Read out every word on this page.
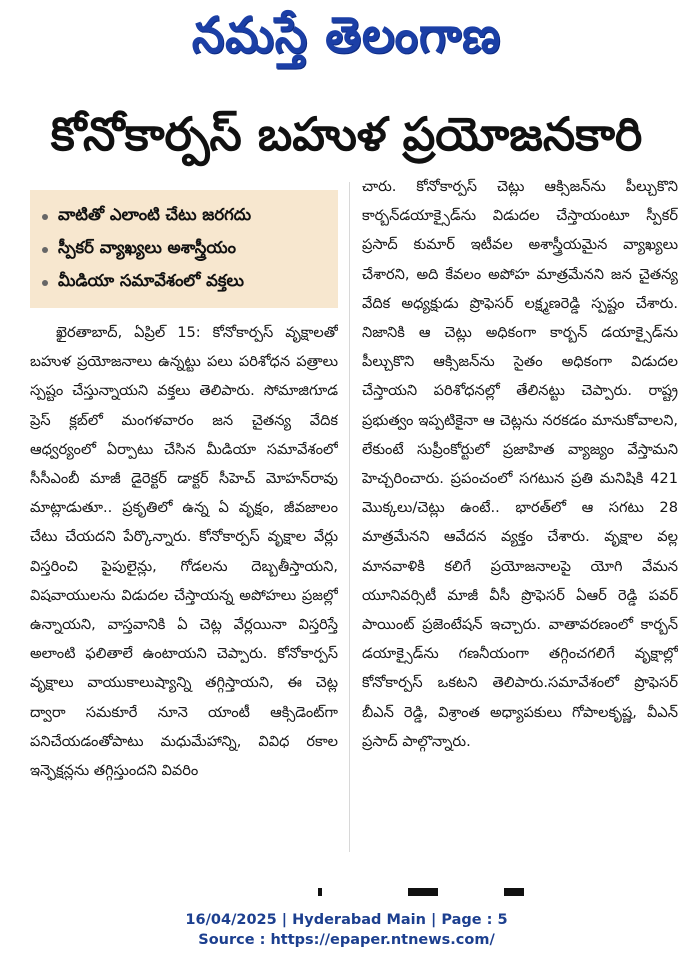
నమస్తే తెలంగాణ
కోనోకార్పస్ బహుళ ప్రయోజనకారి
వాటితో ఎలాంటి చేటు జరగదు
స్పీకర్ వ్యాఖ్యలు అశాస్త్రీయం
మీడియా సమావేశంలో వక్తలు

ఖైరతాబాద్, ఏప్రిల్ 15: కోనోకార్పస్ వృక్షాలతో బహుళ ప్రయోజనాలు ఉన్నట్టు పలు పరిశోధన పత్రాలు స్పష్టం చేస్తున్నాయని వక్తలు తెలిపారు. సోమాజిగూడ ప్రెస్ క్లబ్‌లో మంగళవారం జన చైతన్య వేదిక ఆధ్వర్యంలో ఏర్పాటు చేసిన మీడియా సమావేశంలో సీసీఎంబీ మాజీ డైరెక్టర్ డాక్టర్ సీహెచ్ మోహన్‌రావు మాట్లాడుతూ.. ప్రకృతిలో ఉన్న ఏ వృక్షం, జీవజాలం చేటు చేయదని పేర్కొన్నారు. కోనోకార్పస్ వృక్షాల వేర్లు విస్తరించి పైపులైన్లు, గోడలను దెబ్బతీస్తాయని, విషవాయులను విడుదల చేస్తాయన్న అపోహలు ప్రజల్లో ఉన్నాయని, వాస్తవానికి ఏ చెట్ల వేర్లయినా విస్తరిస్తే అలాంటి ఫలితాలే ఉంటాయని చెప్పారు. కోనోకార్పస్ వృక్షాలు వాయుకాలుష్యాన్ని తగ్గిస్తాయని, ఈ చెట్ల ద్వారా సమకూరే నూనె యాంటీ ఆక్సిడెంట్‌గా పనిచేయడంతోపాటు మధుమేహాన్ని, వివిధ రకాల ఇన్ఫెక్షన్లను తగ్గిస్తుందని వివరిం

చారు. కోనోకార్పస్ చెట్లు ఆక్సిజన్‌ను పీల్చుకొని కార్బన్‌డయాక్సైడ్‌ను విడుదల చేస్తాయంటూ స్పీకర్ ప్రసాద్ కుమార్ ఇటీవల అశాస్త్రీయమైన వ్యాఖ్యలు చేశారని, అది కేవలం అపోహ మాత్రమేనని జన చైతన్య వేదిక అధ్యక్షుడు ప్రొఫెసర్ లక్ష్మణరెడ్డి స్పష్టం చేశారు. నిజానికి ఆ చెట్లు అధికంగా కార్బన్ డయాక్సైడ్‌ను పీల్చుకొని ఆక్సిజన్‌ను సైతం అధికంగా విడుదల చేస్తాయని పరిశోధనల్లో తేలినట్టు చెప్పారు. రాష్ట్ర ప్రభుత్వం ఇప్పటికైనా ఆ చెట్లను నరకడం మానుకోవాలని, లేకుంటే సుప్రీంకోర్టులో ప్రజాహిత వ్యాజ్యం వేస్తామని హెచ్చరించారు. ప్రపంచంలో సగటున ప్రతి మనిషికి 421 మొక్కలు/చెట్లు ఉంటే.. భారత్‌లో ఆ సగటు 28 మాత్రమేనని ఆవేదన వ్యక్తం చేశారు. వృక్షాల వల్ల మానవాళికి కలిగే ప్రయోజనాలపై యోగి వేమన యూనివర్సిటీ మాజీ వీసీ ప్రొఫెసర్ ఏఆర్ రెడ్డి పవర్ పాయింట్ ప్రజెంటేషన్ ఇచ్చారు. వాతావరణంలో కార్బన్ డయాక్సైడ్‌ను గణనీయంగా తగ్గించగలిగే వృక్షాల్లో కోనోకార్పస్ ఒకటని తెలిపారు.సమావేశంలో ప్రొఫెసర్ బీఎన్ రెడ్డి, విశ్రాంత అధ్యాపకులు గోపాలకృష్ణ, వీఎన్ ప్రసాద్ పాల్గొన్నారు.

16/04/2025 | Hyderabad Main | Page : 5
Source : https://epaper.ntnews.com/
